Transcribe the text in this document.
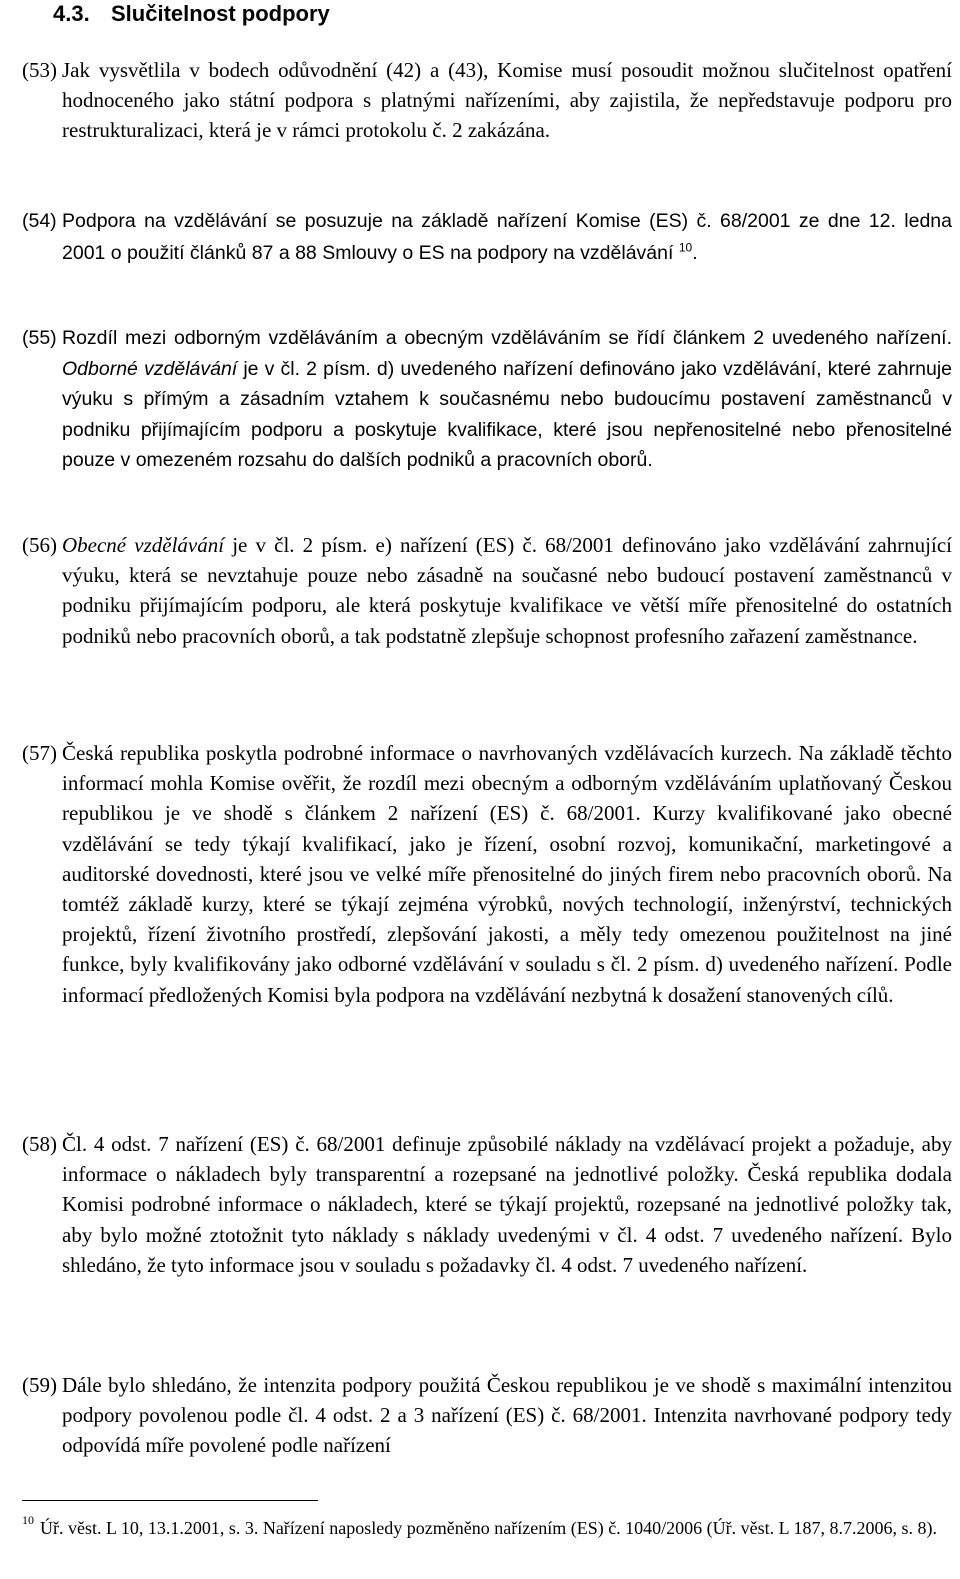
4.3. Slučitelnost podpory
(53) Jak vysvětlila v bodech odůvodnění (42) a (43), Komise musí posoudit možnou slučitelnost opatření hodnoceného jako státní podpora s platnými nařízeními, aby zajistila, že nepředstavuje podporu pro restrukturalizaci, která je v rámci protokolu č. 2 zakázána.
(54) Podpora na vzdělávání se posuzuje na základě nařízení Komise (ES) č. 68/2001 ze dne 12. ledna 2001 o použití článků 87 a 88 Smlouvy o ES na podpory na vzdělávání $^{10}$.
(55) Rozdíl mezi odborným vzděláváním a obecným vzděláváním se řídí článkem 2 uvedeného nařízení. Odborné vzdělávání je v čl. 2 písm. d) uvedeného nařízení definováno jako vzdělávání, které zahrnuje výuku s přímým a zásadním vztahem k současnému nebo budoucímu postavení zaměstnanců v podniku přijímajícím podporu a poskytuje kvalifikace, které jsou nepřenositelné nebo přenositelné pouze v omezeném rozsahu do dalších podniků a pracovních oborů.
(56) Obecné vzdělávání je v čl. 2 písm. e) nařízení (ES) č. 68/2001 definováno jako vzdělávání zahrnující výuku, která se nevztahuje pouze nebo zásadně na současné nebo budoucí postavení zaměstnanců v podniku přijímajícím podporu, ale která poskytuje kvalifikace ve větší míře přenositelné do ostatních podniků nebo pracovních oborů, a tak podstatně zlepšuje schopnost profesního zařazení zaměstnance.
(57) Česká republika poskytla podrobné informace o navrhovaných vzdělávacích kurzech. Na základě těchto informací mohla Komise ověřit, že rozdíl mezi obecným a odborným vzděláváním uplatňovaný Českou republikou je ve shodě s článkem 2 nařízení (ES) č. 68/2001. Kurzy kvalifikované jako obecné vzdělávání se tedy týkají kvalifikací, jako je řízení, osobní rozvoj, komunikační, marketingové a auditorské dovednosti, které jsou ve velké míře přenositelné do jiných firem nebo pracovních oborů. Na tomtéž základě kurzy, které se týkají zejména výrobků, nových technologií, inženýrství, technických projektů, řízení životního prostředí, zlepšování jakosti, a měly tedy omezenou použitelnost na jiné funkce, byly kvalifikovány jako odborné vzdělávání v souladu s čl. 2 písm. d) uvedeného nařízení. Podle informací předložených Komisi byla podpora na vzdělávání nezbytná k dosažení stanovených cílů.
(58) Čl. 4 odst. 7 nařízení (ES) č. 68/2001 definuje způsobilé náklady na vzdělávací projekt a požaduje, aby informace o nákladech byly transparentní a rozepsané na jednotlivé položky. Česká republika dodala Komisi podrobné informace o nákladech, které se týkají projektů, rozepsané na jednotlivé položky tak, aby bylo možné ztotožnit tyto náklady s náklady uvedenými v čl. 4 odst. 7 uvedeného nařízení. Bylo shledáno, že tyto informace jsou v souladu s požadavky čl. 4 odst. 7 uvedeného nařízení.
(59) Dále bylo shledáno, že intenzita podpory použitá Českou republikou je ve shodě s maximální intenzitou podpory povolenou podle čl. 4 odst. 2 a 3 nařízení (ES) č. 68/2001. Intenzita navrhované podpory tedy odpovídá míře povolené podle nařízení
10 Úř. věst. L 10, 13.1.2001, s. 3. Nařízení naposledy pozměněno nařízením (ES) č. 1040/2006 (Úř. věst. L 187, 8.7.2006, s. 8).
